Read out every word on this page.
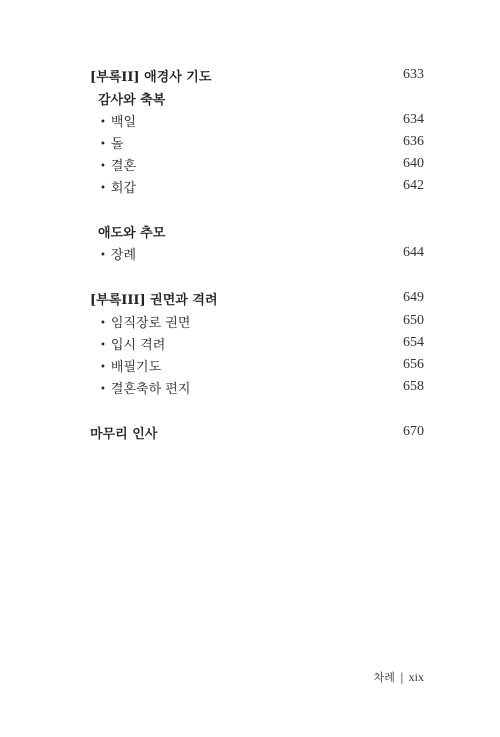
[부록II] 애경사 기도	633
감사와 축복
• 백일	634
• 돌	636
• 결혼	640
• 회갑	642
애도와 추모
• 장례	644
[부록III] 권면과 격려	649
• 임직장로 권면	650
• 입시 격려	654
• 배필기도	656
• 결혼축하 편지	658
마무리 인사	670
차례 | xix
